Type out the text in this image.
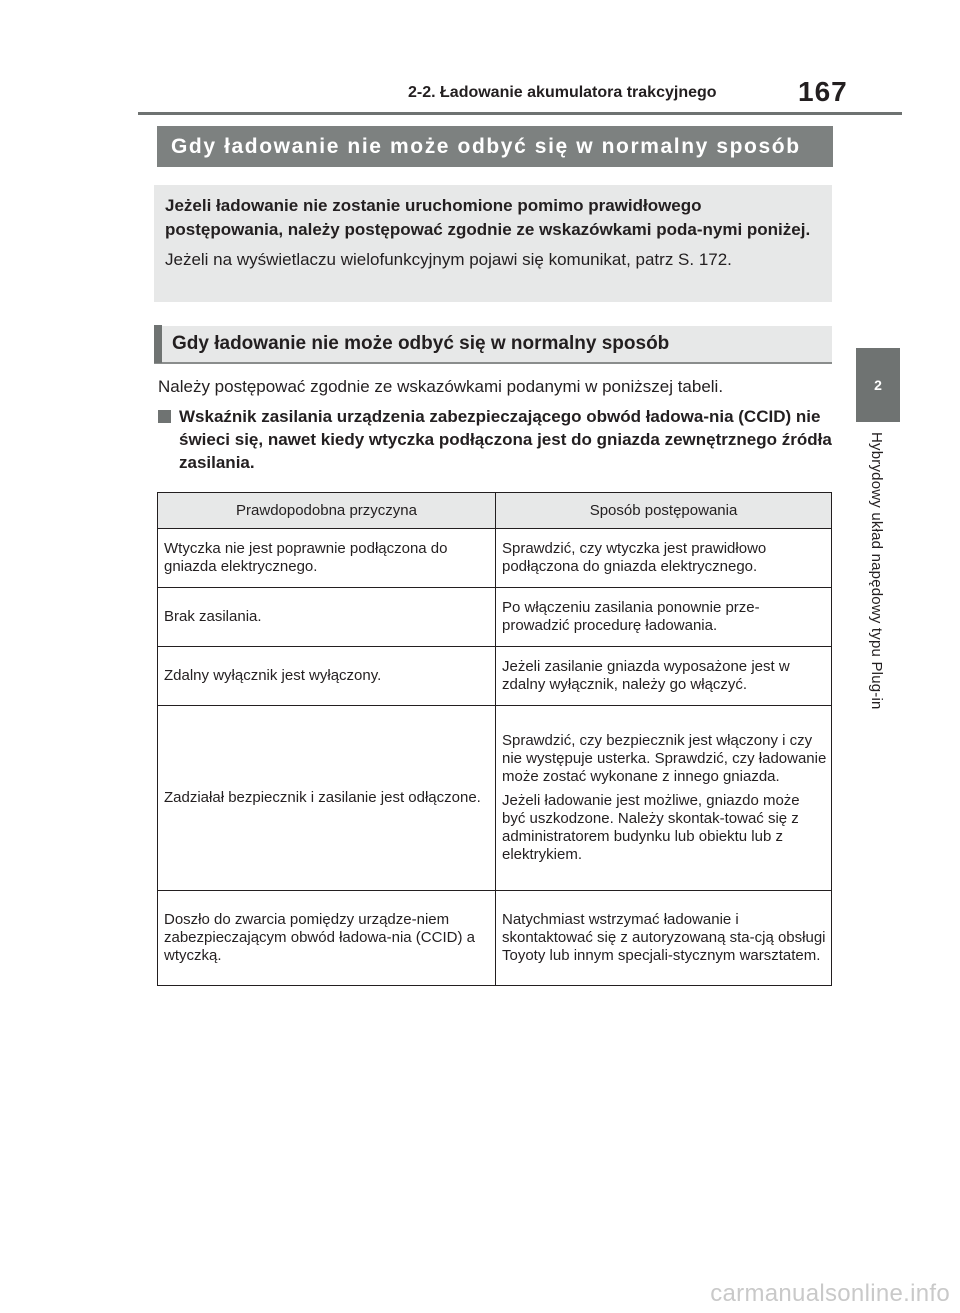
2-2. Ładowanie akumulatora trakcyjnego	167
Gdy ładowanie nie może odbyć się w normalny sposób

Jeżeli ładowanie nie zostanie uruchomione pomimo prawidłowego postępowania, należy postępować zgodnie ze wskazówkami poda-nymi poniżej.

Jeżeli na wyświetlaczu wielofunkcyjnym pojawi się komunikat, patrz S. 172.

Gdy ładowanie nie może odbyć się w normalny sposób

Należy postępować zgodnie ze wskazówkami podanymi w poniższej tabeli.

Wskaźnik zasilania urządzenia zabezpieczającego obwód ładowa-nia (CCID) nie świeci się, nawet kiedy wtyczka podłączona jest do gniazda zewnętrznego źródła zasilania.
Prawdopodobna przyczyna	Sposób postępowania
Wtyczka nie jest poprawnie podłączona do gniazda elektrycznego.	Sprawdzić, czy wtyczka jest prawidłowo podłączona do gniazda elektrycznego.
Brak zasilania.	Po włączeniu zasilania ponownie prze-prowadzić procedurę ładowania.
Zdalny wyłącznik jest wyłączony.	Jeżeli zasilanie gniazda wyposażone jest w zdalny wyłącznik, należy go włączyć.
Zadziałał bezpiecznik i zasilanie jest odłączone.	Sprawdzić, czy bezpiecznik jest włączony i czy nie występuje usterka. Sprawdzić, czy ładowanie może zostać wykonane z innego gniazda.

Jeżeli ładowanie jest możliwe, gniazdo może być uszkodzone. Należy skontak-tować się z administratorem budynku lub obiektu lub z elektrykiem.

Doszło do zwarcia pomiędzy urządze-niem zabezpieczającym obwód ładowa-nia (CCID) a wtyczką.	Natychmiast wstrzymać ładowanie i skontaktować się z autoryzowaną sta-cją obsługi Toyoty lub innym specjali-stycznym warsztatem.
2
Hybrydowy układ napędowy typu Plug-in
carmanualsonline.info
